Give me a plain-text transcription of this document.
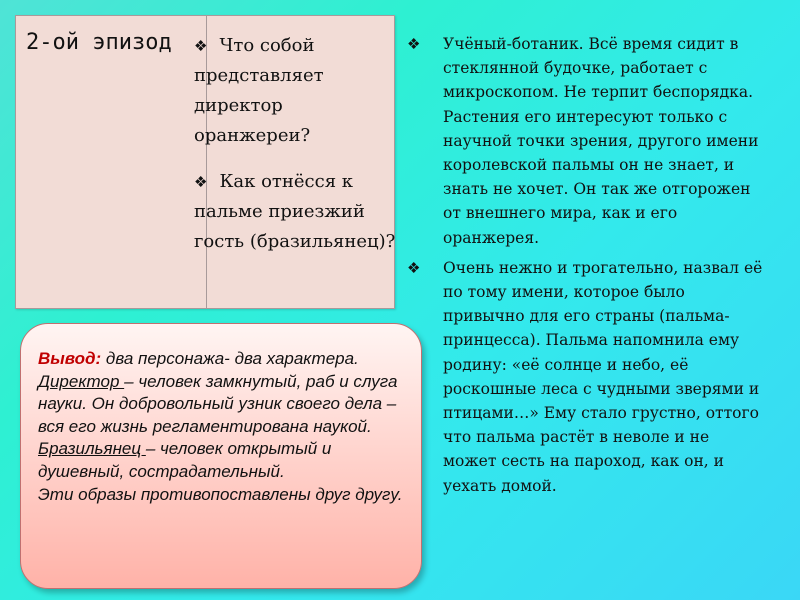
2-ой эпизод	❖ Что собой представляет директор оранжереи?

❖ Как отнёсся к пальме приезжий гость (бразильянец)?

❖ Учёный-ботаник. Всё время сидит в стеклянной будочке, работает с микроскопом. Не терпит беспорядка. Растения его интересуют только с научной точки зрения, другого имени королевской пальмы он не знает, и знать не хочет. Он так же отгорожен от внешнего мира, как и его оранжерея.

❖ Очень нежно и трогательно, назвал её по тому имени, которое было привычно для его страны (пальма-принцесса). Пальма напомнила ему родину: «её солнце и небо, её роскошные леса с чудными зверями и птицами…» Ему стало грустно, оттого что пальма растёт в неволе и не может сесть на пароход, как он, и уехать домой.

Вывод: два персонажа- два характера. Директор – человек замкнутый, раб и слуга науки. Он добровольный узник своего дела – вся его жизнь регламентирована наукой. Бразильянец – человек открытый и душевный, сострадательный.
Эти образы противопоставлены друг другу.
